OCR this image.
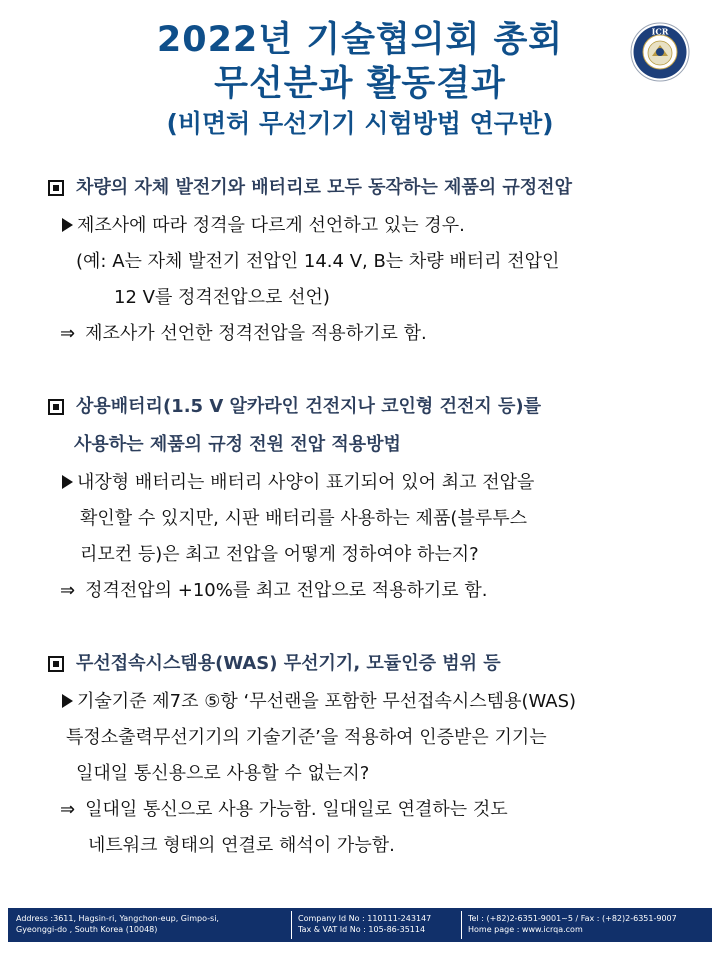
2022년 기술협의회 총회
무선분과 활동결과
(비면허 무선기기 시험방법 연구반)
ICR
차량의 자체 발전기와 배터리로 모두 동작하는 제품의 규정전압
제조사에 따라 정격을 다르게 선언하고 있는 경우.
(예: A는 자체 발전기 전압인 14.4 V, B는 차량 배터리 전압인
12 V를 정격전압으로 선언)
⇒ 제조사가 선언한 정격전압을 적용하기로 함.
상용배터리(1.5 V 알카라인 건전지나 코인형 건전지 등)를
사용하는 제품의 규정 전원 전압 적용방법
내장형 배터리는 배터리 사양이 표기되어 있어 최고 전압을
확인할 수 있지만, 시판 배터리를 사용하는 제품(블루투스
리모컨 등)은 최고 전압을 어떻게 정하여야 하는지?
⇒ 정격전압의 +10%를 최고 전압으로 적용하기로 함.
무선접속시스템용(WAS) 무선기기, 모듈인증 범위 등
기술기준 제7조 ⑤항 ‘무선랜을 포함한 무선접속시스템용(WAS)
특정소출력무선기기의 기술기준’을 적용하여 인증받은 기기는
일대일 통신용으로 사용할 수 없는지?
⇒ 일대일 통신으로 사용 가능함. 일대일로 연결하는 것도
네트워크 형태의 연결로 해석이 가능함.
Address :3611, Hagsin-ri, Yangchon-eup, Gimpo-si,
Gyeonggi-do , South Korea (10048)
Company Id No : 110111-243147
Tax & VAT Id No : 105-86-35114
Tel : (+82)2-6351-9001~5 / Fax : (+82)2-6351-9007
Home page : www.icrqa.com
